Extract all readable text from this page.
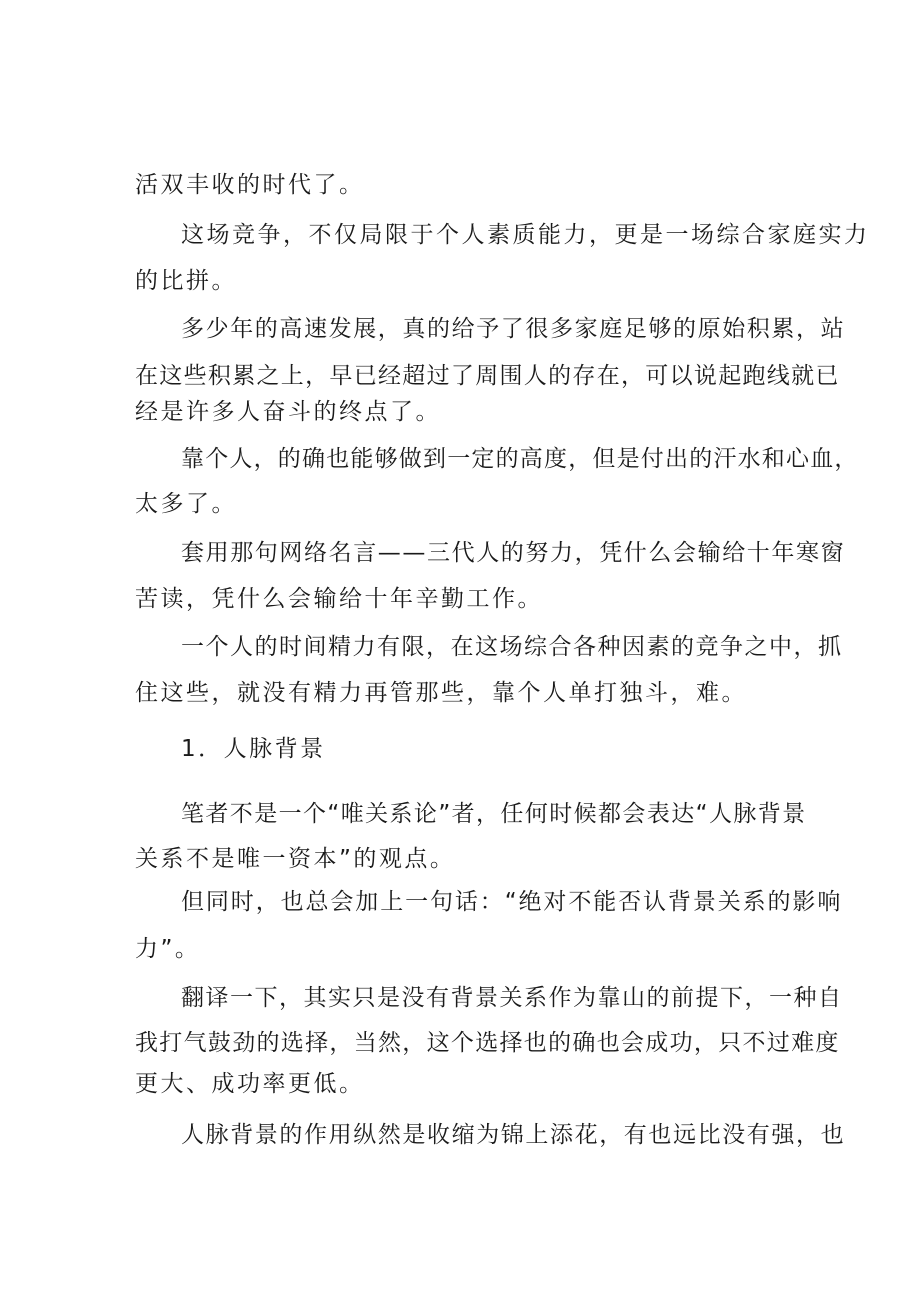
活双丰收的时代了。

这场竞争，不仅局限于个人素质能力，更是一场综合家庭实力

的比拼。

多少年的高速发展，真的给予了很多家庭足够的原始积累，站

在这些积累之上，早已经超过了周围人的存在，可以说起跑线就已

经是许多人奋斗的终点了。

靠个人，的确也能够做到一定的高度，但是付出的汗水和心血，

太多了。

套用那句网络名言——三代人的努力，凭什么会输给十年寒窗

苦读，凭什么会输给十年辛勤工作。

一个人的时间精力有限，在这场综合各种因素的竞争之中，抓

住这些，就没有精力再管那些，靠个人单打独斗，难。

1．人脉背景

笔者不是一个“唯关系论”者，任何时候都会表达“人脉背景

关系不是唯一资本”的观点。

但同时，也总会加上一句话：“绝对不能否认背景关系的影响

力”。

翻译一下，其实只是没有背景关系作为靠山的前提下，一种自

我打气鼓劲的选择，当然，这个选择也的确也会成功，只不过难度

更大、成功率更低。

人脉背景的作用纵然是收缩为锦上添花，有也远比没有强，也
